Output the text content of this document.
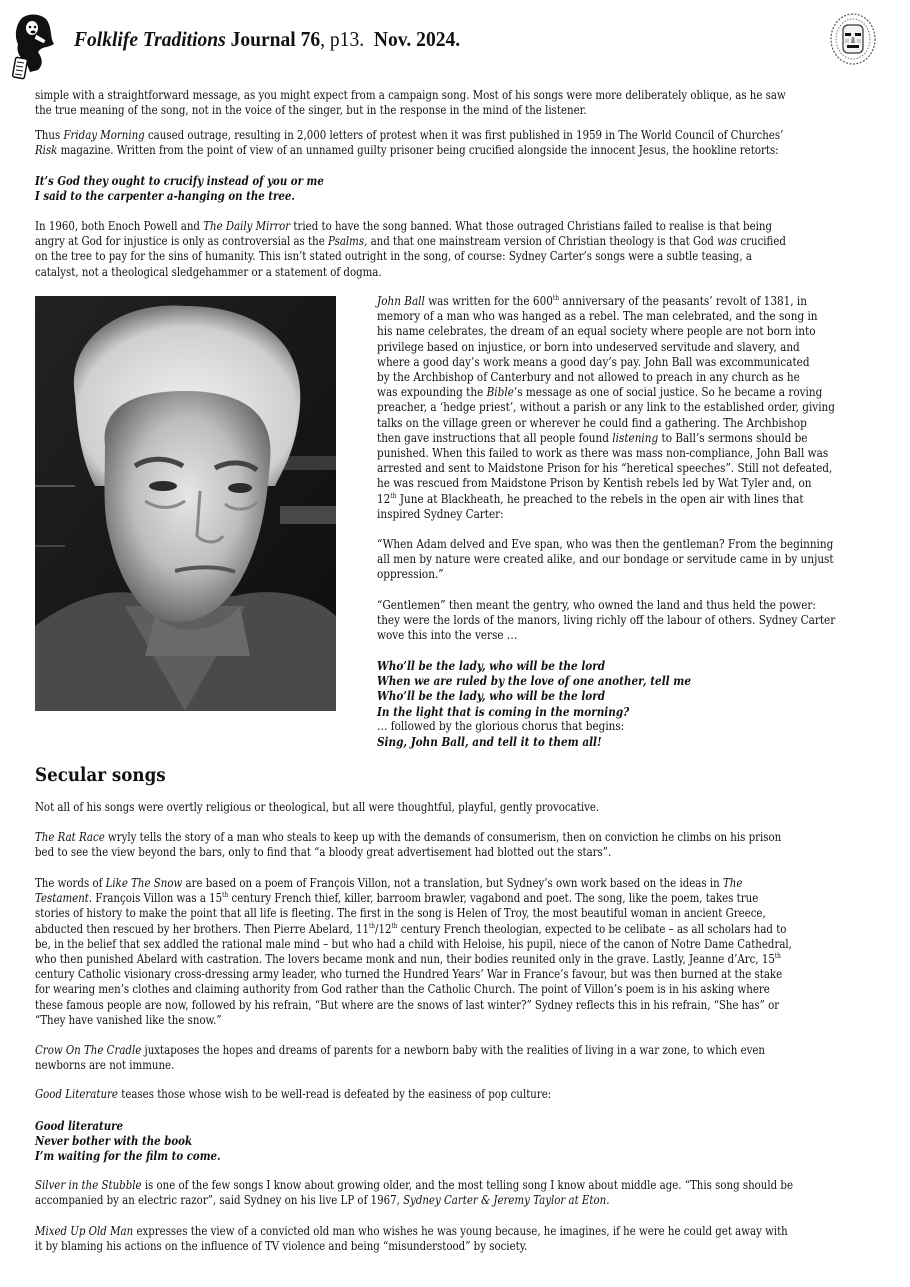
Folklife Traditions Journal 76, p13. Nov. 2024.
simple with a straightforward message, as you might expect from a campaign song. Most of his songs were more deliberately oblique, as he saw
the true meaning of the song, not in the voice of the singer, but in the response in the mind of the listener.
Thus Friday Morning caused outrage, resulting in 2,000 letters of protest when it was first published in 1959 in The World Council of Churches’
Risk magazine. Written from the point of view of an unnamed guilty prisoner being crucified alongside the innocent Jesus, the hookline retorts:
It’s God they ought to crucify instead of you or me
I said to the carpenter a-hanging on the tree.
In 1960, both Enoch Powell and The Daily Mirror tried to have the song banned. What those outraged Christians failed to realise is that being
angry at God for injustice is only as controversial as the Psalms, and that one mainstream version of Christian theology is that God was crucified
on the tree to pay for the sins of humanity. This isn’t stated outright in the song, of course: Sydney Carter’s songs were a subtle teasing, a
catalyst, not a theological sledgehammer or a statement of dogma.
John Ball was written for the 600th anniversary of the peasants’ revolt of 1381, in
memory of a man who was hanged as a rebel. The man celebrated, and the song in
his name celebrates, the dream of an equal society where people are not born into
privilege based on injustice, or born into undeserved servitude and slavery, and
where a good day’s work means a good day’s pay. John Ball was excommunicated
by the Archbishop of Canterbury and not allowed to preach in any church as he
was expounding the Bible’s message as one of social justice. So he became a roving
preacher, a ‘hedge priest’, without a parish or any link to the established order, giving
talks on the village green or wherever he could find a gathering. The Archbishop
then gave instructions that all people found listening to Ball’s sermons should be
punished. When this failed to work as there was mass non-compliance, John Ball was
arrested and sent to Maidstone Prison for his “heretical speeches”. Still not defeated,
he was rescued from Maidstone Prison by Kentish rebels led by Wat Tyler and, on
12th June at Blackheath, he preached to the rebels in the open air with lines that
inspired Sydney Carter:
“When Adam delved and Eve span, who was then the gentleman? From the beginning
all men by nature were created alike, and our bondage or servitude came in by unjust
oppression.”
“Gentlemen” then meant the gentry, who owned the land and thus held the power:
they were the lords of the manors, living richly off the labour of others. Sydney Carter
wove this into the verse …
Who’ll be the lady, who will be the lord
When we are ruled by the love of one another, tell me
Who’ll be the lady, who will be the lord
In the light that is coming in the morning?
… followed by the glorious chorus that begins:
Sing, John Ball, and tell it to them all!
Secular songs
Not all of his songs were overtly religious or theological, but all were thoughtful, playful, gently provocative.
The Rat Race wryly tells the story of a man who steals to keep up with the demands of consumerism, then on conviction he climbs on his prison
bed to see the view beyond the bars, only to find that “a bloody great advertisement had blotted out the stars”.
The words of Like The Snow are based on a poem of François Villon, not a translation, but Sydney’s own work based on the ideas in The
Testament. François Villon was a 15th century French thief, killer, barroom brawler, vagabond and poet. The song, like the poem, takes true
stories of history to make the point that all life is fleeting. The first in the song is Helen of Troy, the most beautiful woman in ancient Greece,
abducted then rescued by her brothers. Then Pierre Abelard, 11th/12th century French theologian, expected to be celibate – as all scholars had to
be, in the belief that sex addled the rational male mind – but who had a child with Heloise, his pupil, niece of the canon of Notre Dame Cathedral,
who then punished Abelard with castration. The lovers became monk and nun, their bodies reunited only in the grave. Lastly, Jeanne d’Arc, 15th
century Catholic visionary cross-dressing army leader, who turned the Hundred Years’ War in France’s favour, but was then burned at the stake
for wearing men’s clothes and claiming authority from God rather than the Catholic Church. The point of Villon’s poem is in his asking where
these famous people are now, followed by his refrain, “But where are the snows of last winter?” Sydney reflects this in his refrain, “She has” or
“They have vanished like the snow.”
Crow On The Cradle juxtaposes the hopes and dreams of parents for a newborn baby with the realities of living in a war zone, to which even
newborns are not immune.
Good Literature teases those whose wish to be well-read is defeated by the easiness of pop culture:
Good literature
Never bother with the book
I’m waiting for the film to come.
Silver in the Stubble is one of the few songs I know about growing older, and the most telling song I know about middle age. “This song should be
accompanied by an electric razor”, said Sydney on his live LP of 1967, Sydney Carter & Jeremy Taylor at Eton.
Mixed Up Old Man expresses the view of a convicted old man who wishes he was young because, he imagines, if he were he could get away with
it by blaming his actions on the influence of TV violence and being “misunderstood” by society.
